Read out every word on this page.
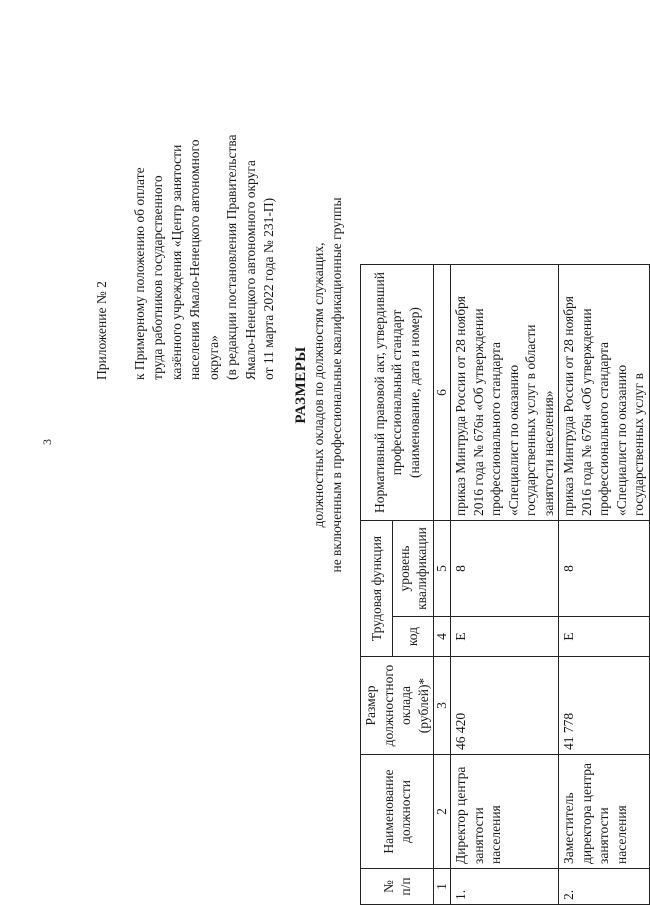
3
Приложение № 2 к Примерному положению об оплате труда работников государственного казённого учреждения «Центр занятости населения Ямало-Ненецкого автономного округа» (в редакции постановления Правительства Ямало-Ненецкого автономного округа от 11 марта 2022 года № 231-П)

РАЗМЕРЫ должностных окладов по должностям служащих, не включенным в профессиональные квалификационные группы
№ п/п	Наименование должности	Размер должностного оклада (рублей)*	Трудовая функция		Нормативный правовой акт, утвердивший профессиональный стандарт (наименование, дата и номер)
			код	уровень квалификации	
1	2	3	4	5	6
1.	Директор центра занятости населения	46 420	E	8	приказ Минтруда России от 28 ноября 2016 года № 676н «Об утверждении профессионального стандарта «Специалист по оказанию государственных услуг в области занятости населения»
2.	Заместитель директора центра занятости населения	41 778	E	8	приказ Минтруда России от 28 ноября 2016 года № 676н «Об утверждении профессионального стандарта «Специалист по оказанию государственных услуг в
